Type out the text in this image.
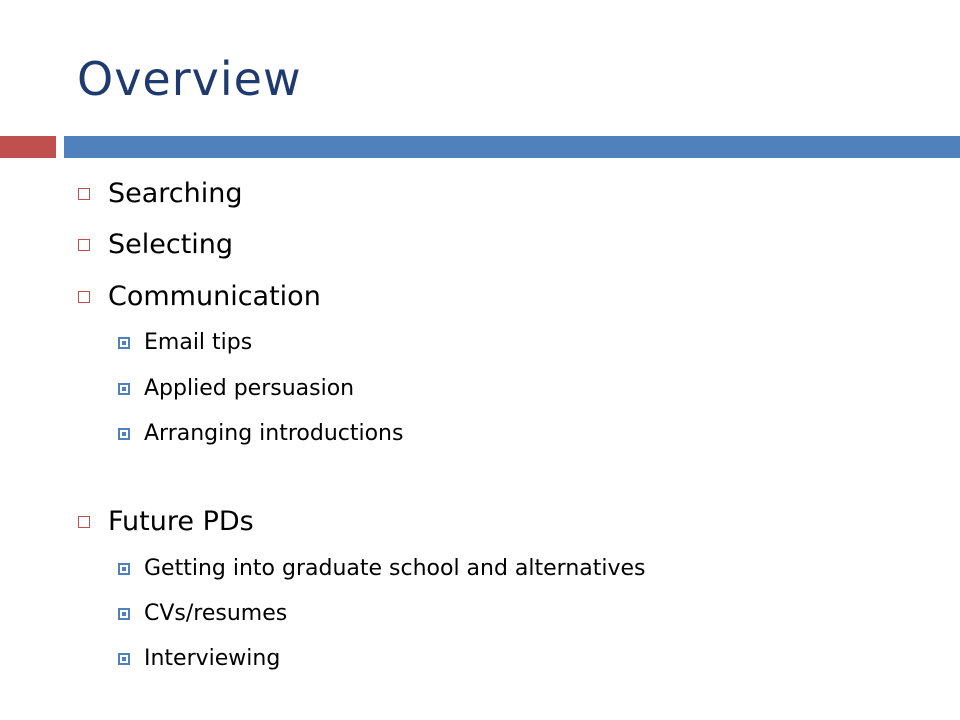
Overview
Searching
Selecting
Communication
Email tips
Applied persuasion
Arranging introductions
Future PDs
Getting into graduate school and alternatives
CVs/resumes
Interviewing
